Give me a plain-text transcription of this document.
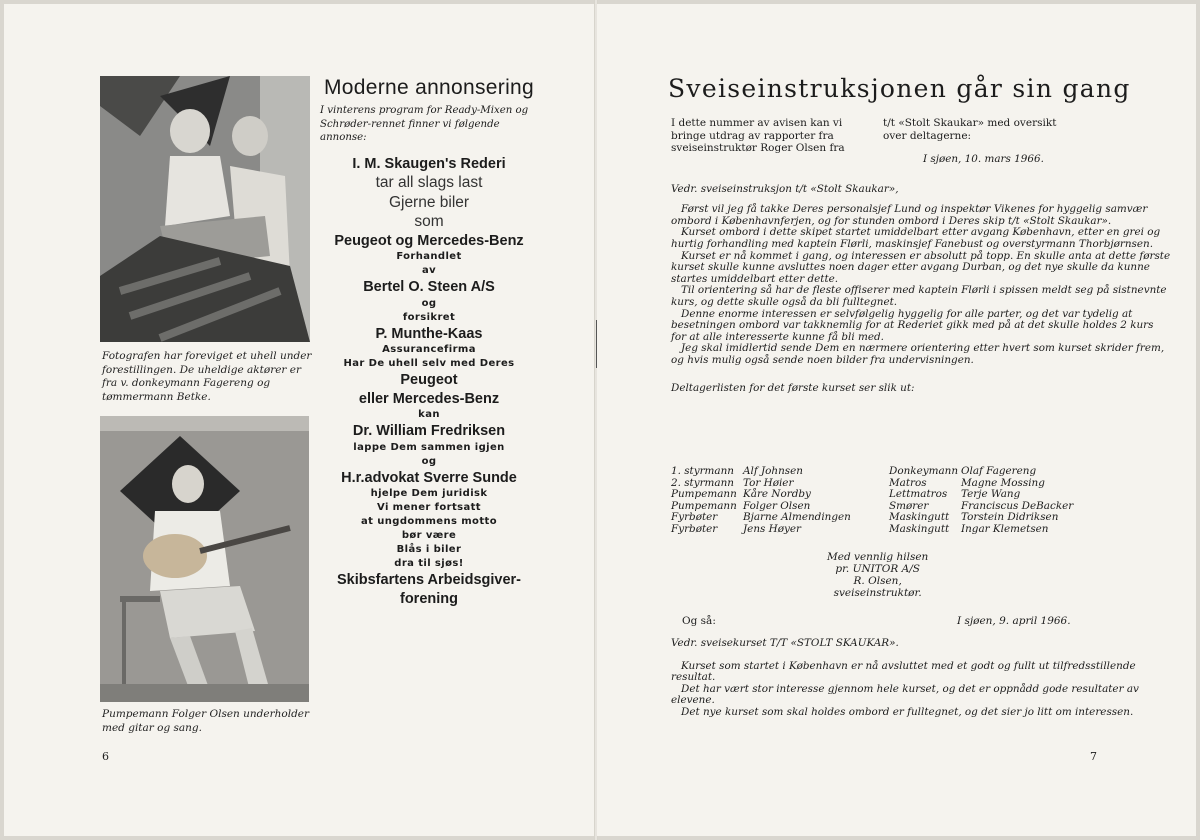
Fotografen har foreviget et uhell under forestillingen. De uheldige aktører er fra v. donkeymann Fagereng og tømmermann Betke.
Pumpemann Folger Olsen underholder med gitar og sang.
Moderne annonsering
I vinterens program for Ready-Mixen og Schrøder-rennet finner vi følgende annonse:
I. M. Skaugen's Rederi
tar all slags last
Gjerne biler
som
Peugeot og Mercedes-Benz
Forhandlet
av
Bertel O. Steen A/S
og
forsikret
P. Munthe-Kaas
Assurancefirma
Har De uhell selv med Deres
Peugeot
eller Mercedes-Benz
kan
Dr. William Fredriksen
lappe Dem sammen igjen
og
H.r.advokat Sverre Sunde
hjelpe Dem juridisk
Vi mener fortsatt
at ungdommens motto
bør være
Blås i biler
dra til sjøs!
Skibsfartens Arbeidsgiver-
forening
6
Sveiseinstruksjonen går sin gang
I dette nummer av avisen kan vi bringe utdrag av rapporter fra sveiseinstruktør Roger Olsen fra
t/t «Stolt Skaukar» med oversikt over deltagerne:
I sjøen, 10. mars 1966.
Vedr. sveiseinstruksjon t/t «Stolt Skaukar»,

Først vil jeg få takke Deres personalsjef Lund og inspektør Vikenes for hyggelig samvær ombord i Københavnferjen, og for stunden ombord i Deres skip t/t «Stolt Skaukar».

Kurset ombord i dette skipet startet umiddelbart etter avgang København, etter en grei og hurtig forhandling med kaptein Flørli, maskinsjef Fanebust og overstyrmann Thorbjørnsen.

Kurset er nå kommet i gang, og interessen er absolutt på topp. En skulle anta at dette første kurset skulle kunne avsluttes noen dager etter avgang Durban, og det nye skulle da kunne startes umiddelbart etter dette.

Til orientering så har de fleste offiserer med kaptein Flørli i spissen meldt seg på sistnevnte kurs, og dette skulle også da bli fulltegnet.

Denne enorme interessen er selvfølgelig hyggelig for alle parter, og det var tydelig at besetningen ombord var takknemlig for at Rederiet gikk med på at det skulle holdes 2 kurs for at alle interesserte kunne få bli med.

Jeg skal imidlertid sende Dem en nærmere orientering etter hvert som kurset skrider frem, og hvis mulig også sende noen bilder fra undervisningen.

Deltagerlisten for det første kurset ser slik ut:
1. styrmann Alf Johnsen	Donkeymann Olaf Fagereng
2. styrmann Tor Høier	Matros	Magne Mossing
Pumpemann Kåre Nordby	Lettmatros	Terje Wang
Pumpemann Folger Olsen	Smører	Franciscus DeBacker
Fyrbøter	Bjarne Almendingen	Maskingutt	Torstein Didriksen
Fyrbøter	Jens Høyer	Maskingutt	Ingar Klemetsen
Med vennlig hilsen
pr. UNITOR A/S
R. Olsen,
sveiseinstruktør.
Og så:	I sjøen, 9. april 1966.
Vedr. sveisekurset T/T «STOLT SKAUKAR».

Kurset som startet i København er nå avsluttet med et godt og fullt ut tilfredsstillende resultat.

Det har vært stor interesse gjennom hele kurset, og det er oppnådd gode resultater av elevene.

Det nye kurset som skal holdes ombord er fulltegnet, og det sier jo litt om interessen.

7
